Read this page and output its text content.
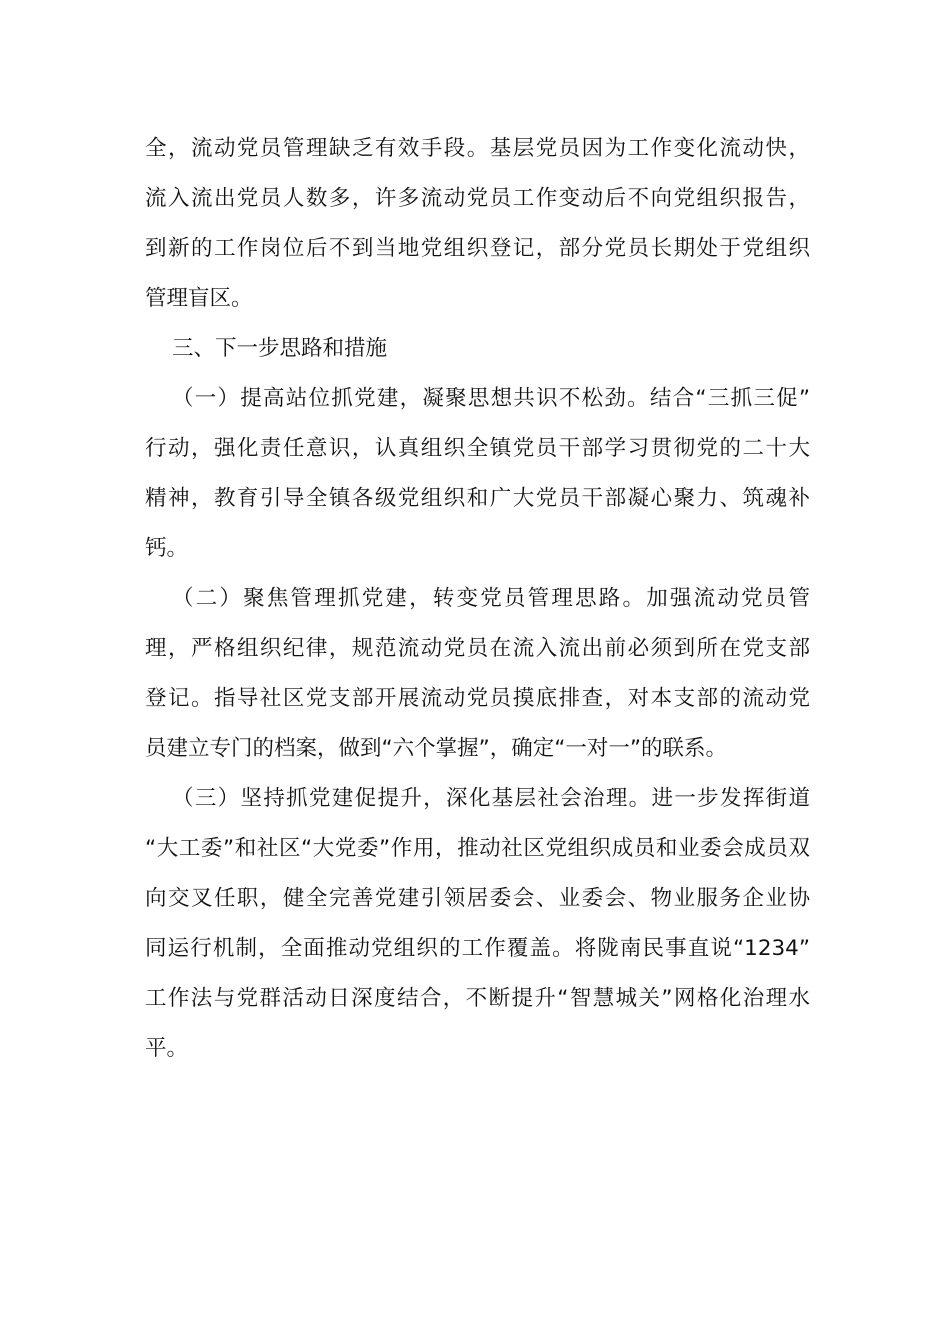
全，流动党员管理缺乏有效手段。基层党员因为工作变化流动快，
流入流出党员人数多，许多流动党员工作变动后不向党组织报告，
到新的工作岗位后不到当地党组织登记，部分党员长期处于党组织
管理盲区。
三、下一步思路和措施
（一）提高站位抓党建，凝聚思想共识不松劲。结合“三抓三促”
行动，强化责任意识，认真组织全镇党员干部学习贯彻党的二十大
精神，教育引导全镇各级党组织和广大党员干部凝心聚力、筑魂补
钙。
（二）聚焦管理抓党建，转变党员管理思路。加强流动党员管
理，严格组织纪律，规范流动党员在流入流出前必须到所在党支部
登记。指导社区党支部开展流动党员摸底排查，对本支部的流动党
员建立专门的档案，做到“六个掌握”，确定“一对一”的联系。
（三）坚持抓党建促提升，深化基层社会治理。进一步发挥街道
“大工委”和社区“大党委”作用，推动社区党组织成员和业委会成员双
向交叉任职，健全完善党建引领居委会、业委会、物业服务企业协
同运行机制，全面推动党组织的工作覆盖。将陇南民事直说“1234”
工作法与党群活动日深度结合，不断提升“智慧城关”网格化治理水
平。
